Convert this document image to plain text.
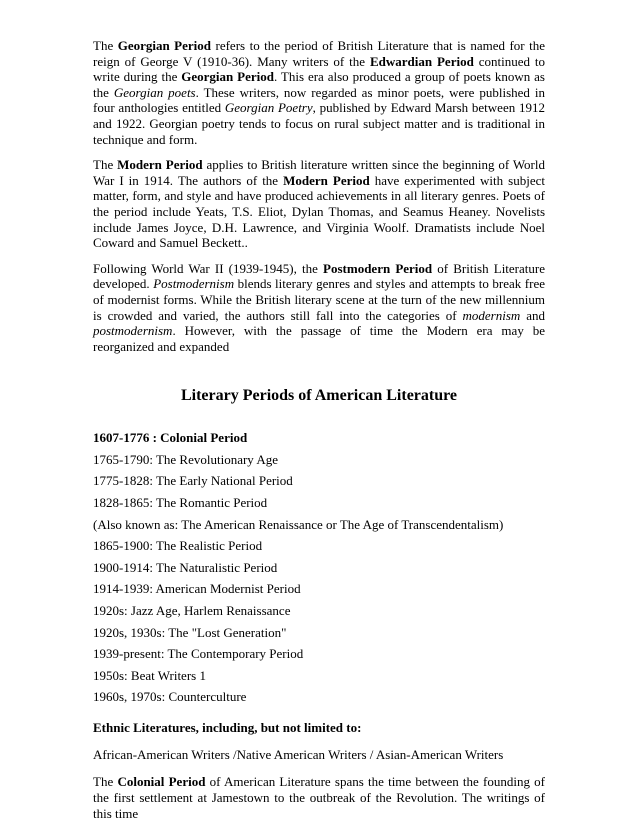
The Georgian Period refers to the period of British Literature that is named for the reign of George V (1910-36). Many writers of the Edwardian Period continued to write during the Georgian Period. This era also produced a group of poets known as the Georgian poets. These writers, now regarded as minor poets, were published in four anthologies entitled Georgian Poetry, published by Edward Marsh between 1912 and 1922. Georgian poetry tends to focus on rural subject matter and is traditional in technique and form.

The Modern Period applies to British literature written since the beginning of World War I in 1914. The authors of the Modern Period have experimented with subject matter, form, and style and have produced achievements in all literary genres. Poets of the period include Yeats, T.S. Eliot, Dylan Thomas, and Seamus Heaney. Novelists include James Joyce, D.H. Lawrence, and Virginia Woolf. Dramatists include Noel Coward and Samuel Beckett..

Following World War II (1939-1945), the Postmodern Period of British Literature developed. Postmodernism blends literary genres and styles and attempts to break free of modernist forms. While the British literary scene at the turn of the new millennium is crowded and varied, the authors still fall into the categories of modernism and postmodernism. However, with the passage of time the Modern era may be reorganized and expanded

Literary Periods of American Literature
1607-1776 : Colonial Period
1765-1790: The Revolutionary Age
1775-1828: The Early National Period
1828-1865: The Romantic Period
(Also known as: The American Renaissance or The Age of Transcendentalism)
1865-1900: The Realistic Period
1900-1914: The Naturalistic Period
1914-1939: American Modernist Period
1920s: Jazz Age, Harlem Renaissance
1920s, 1930s: The "Lost Generation"
1939-present: The Contemporary Period
1950s: Beat Writers 1
1960s, 1970s: Counterculture
Ethnic Literatures, including, but not limited to:
African-American Writers /Native American Writers / Asian-American Writers

The Colonial Period of American Literature spans the time between the founding of the first settlement at Jamestown to the outbreak of the Revolution. The writings of this time
